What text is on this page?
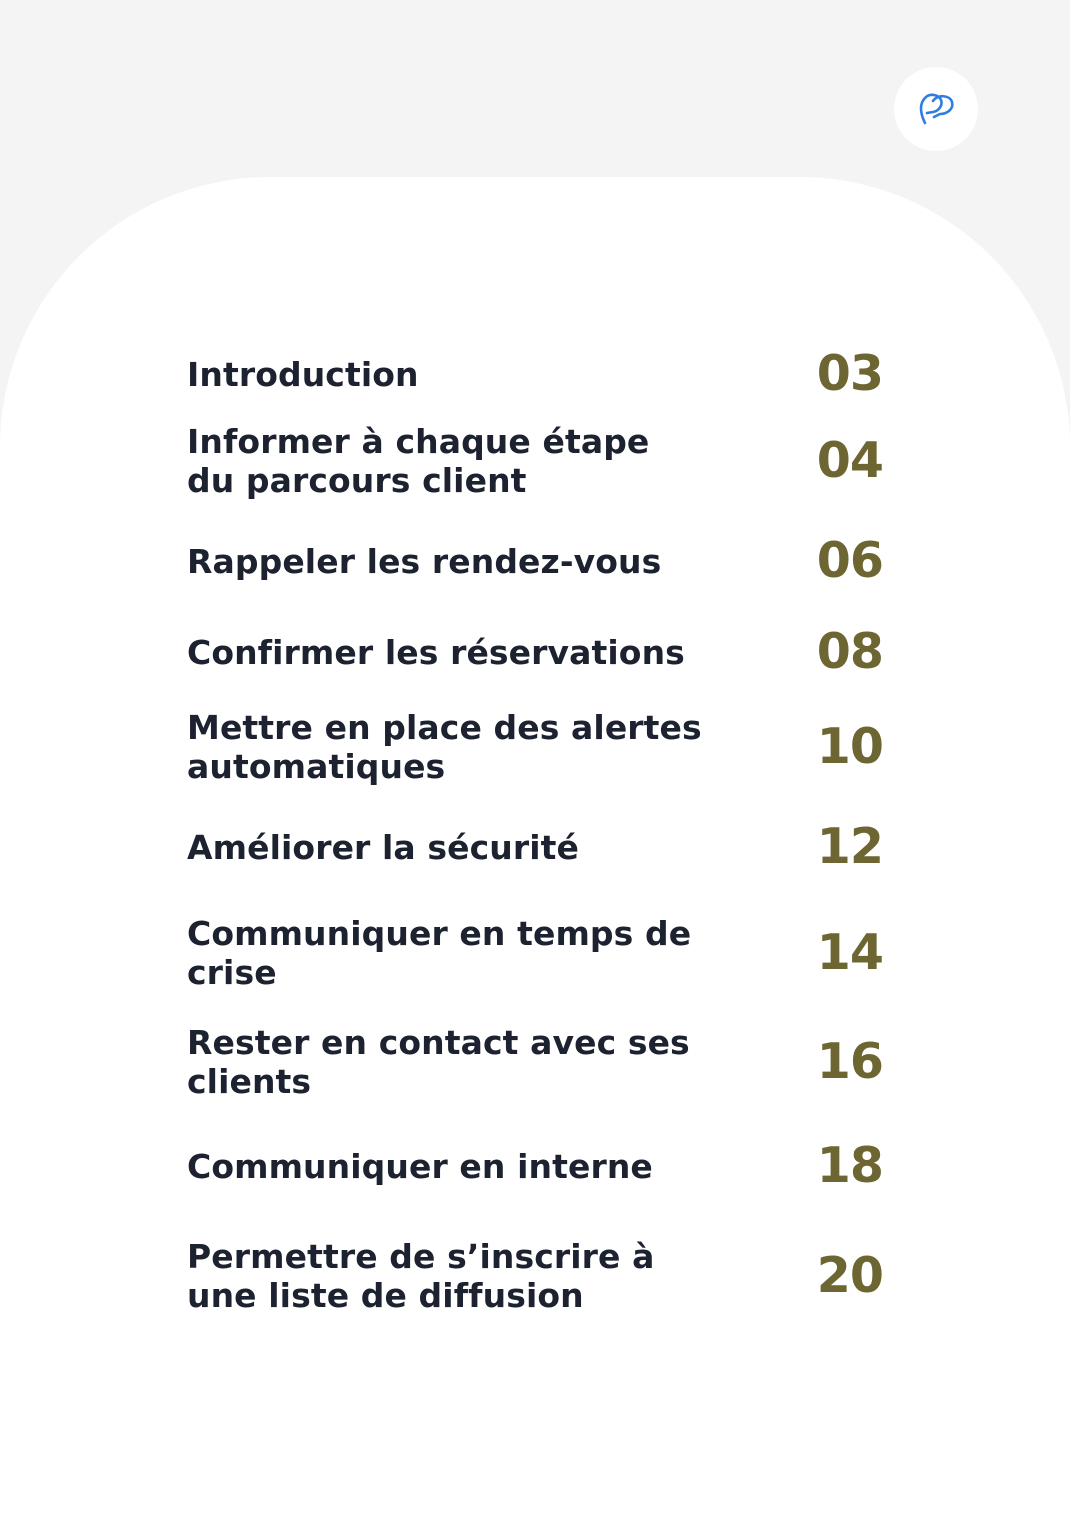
Introduction	03
Informer à chaque étape du parcours client	04
Rappeler les rendez-vous	06
Confirmer les réservations	08
Mettre en place des alertes automatiques	10
Améliorer la sécurité	12
Communiquer en temps de crise	14
Rester en contact avec ses clients	16
Communiquer en interne	18
Permettre de s’inscrire à une liste de diffusion	20
